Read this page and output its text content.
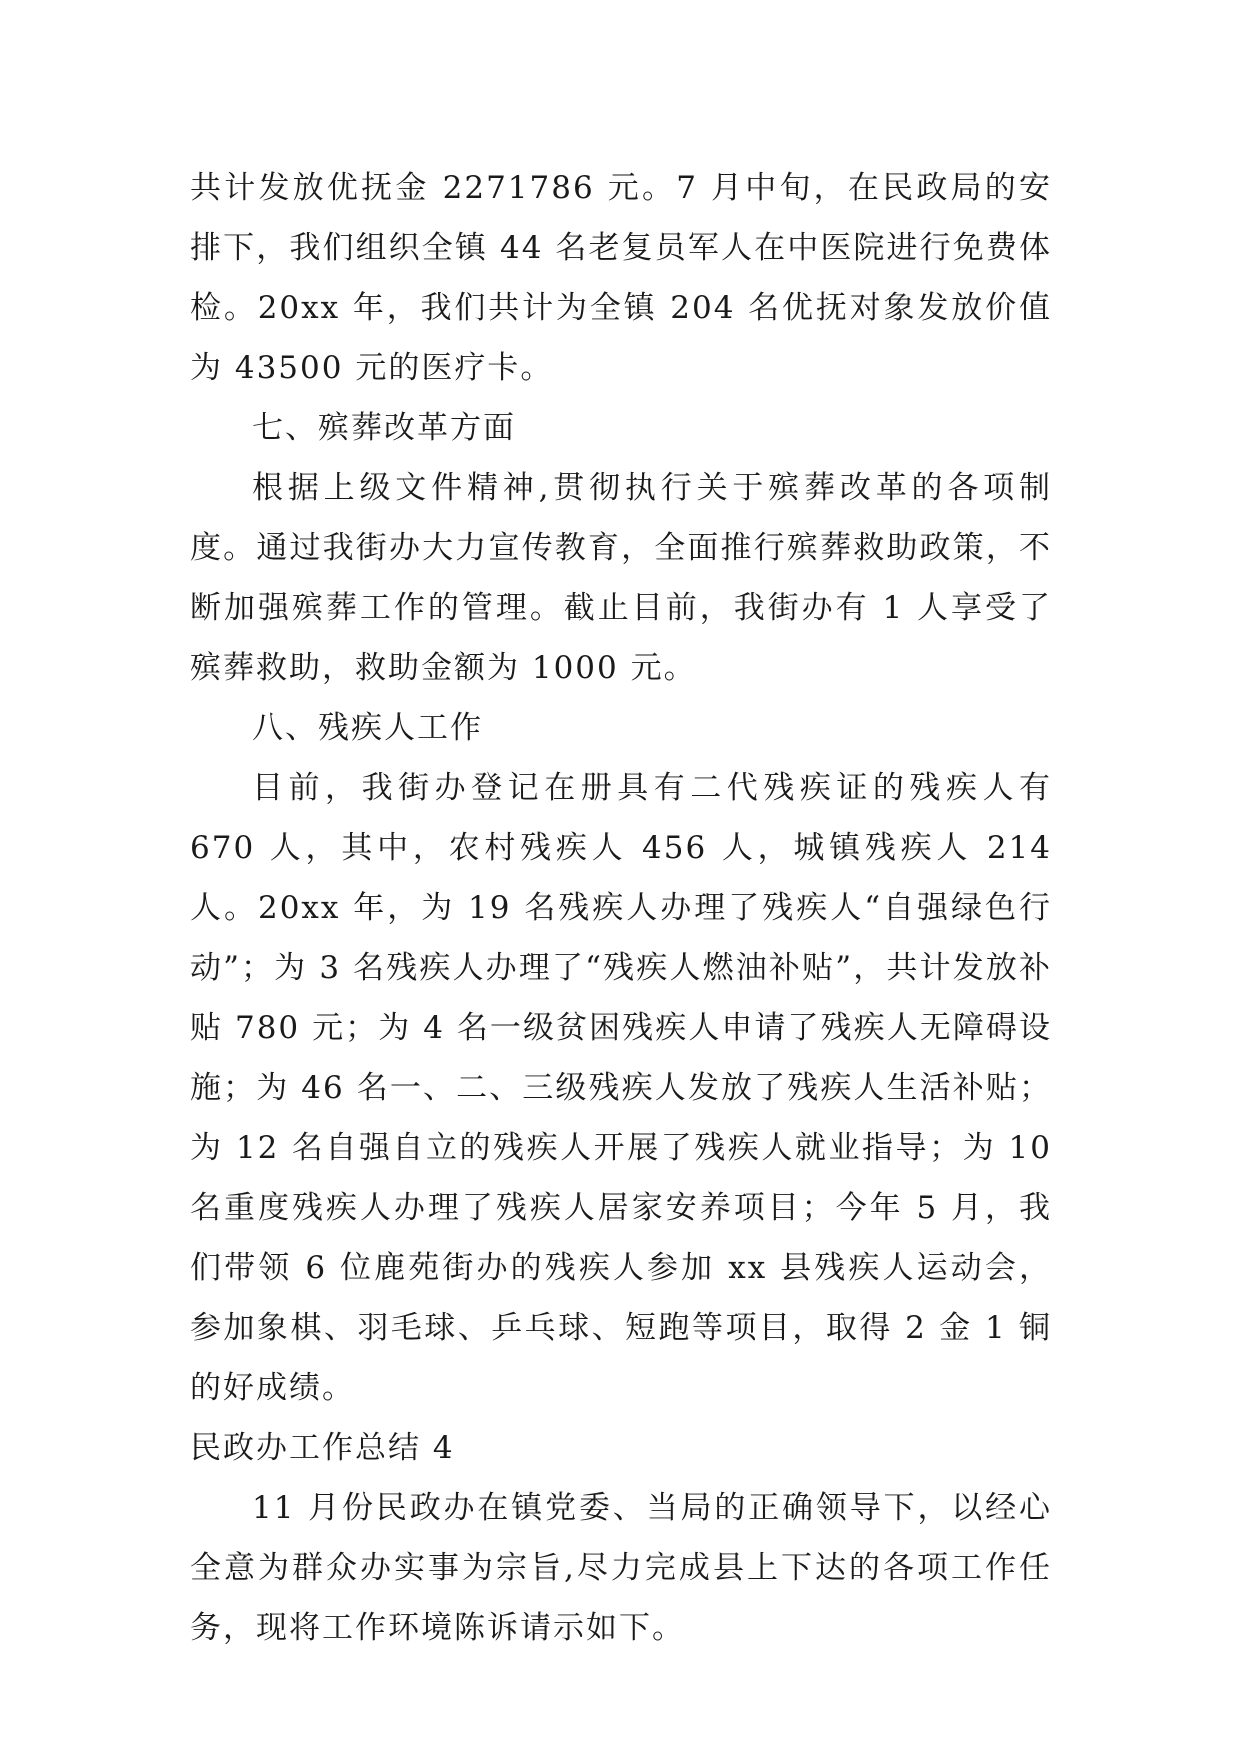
共计发放优抚金 2271786 元。7 月中旬，在民政局的安排下，我们组织全镇 44 名老复员军人在中医院进行免费体检。20xx 年，我们共计为全镇 204 名优抚对象发放价值为 43500 元的医疗卡。

七、殡葬改革方面

根据上级文件精神,贯彻执行关于殡葬改革的各项制度。通过我街办大力宣传教育，全面推行殡葬救助政策，不断加强殡葬工作的管理。截止目前，我街办有 1 人享受了殡葬救助，救助金额为 1000 元。

八、残疾人工作

目前，我街办登记在册具有二代残疾证的残疾人有 670 人，其中，农村残疾人 456 人，城镇残疾人 214 人。20xx 年，为 19 名残疾人办理了残疾人“自强绿色行动”；为 3 名残疾人办理了“残疾人燃油补贴”，共计发放补贴 780 元；为 4 名一级贫困残疾人申请了残疾人无障碍设施；为 46 名一、二、三级残疾人发放了残疾人生活补贴；为 12 名自强自立的残疾人开展了残疾人就业指导；为 10 名重度残疾人办理了残疾人居家安养项目；今年 5 月，我们带领 6 位鹿苑街办的残疾人参加 xx 县残疾人运动会，参加象棋、羽毛球、乒乓球、短跑等项目，取得 2 金 1 铜的好成绩。

民政办工作总结 4

11 月份民政办在镇党委、当局的正确领导下，以经心全意为群众办实事为宗旨,尽力完成县上下达的各项工作任务，现将工作环境陈诉请示如下。
